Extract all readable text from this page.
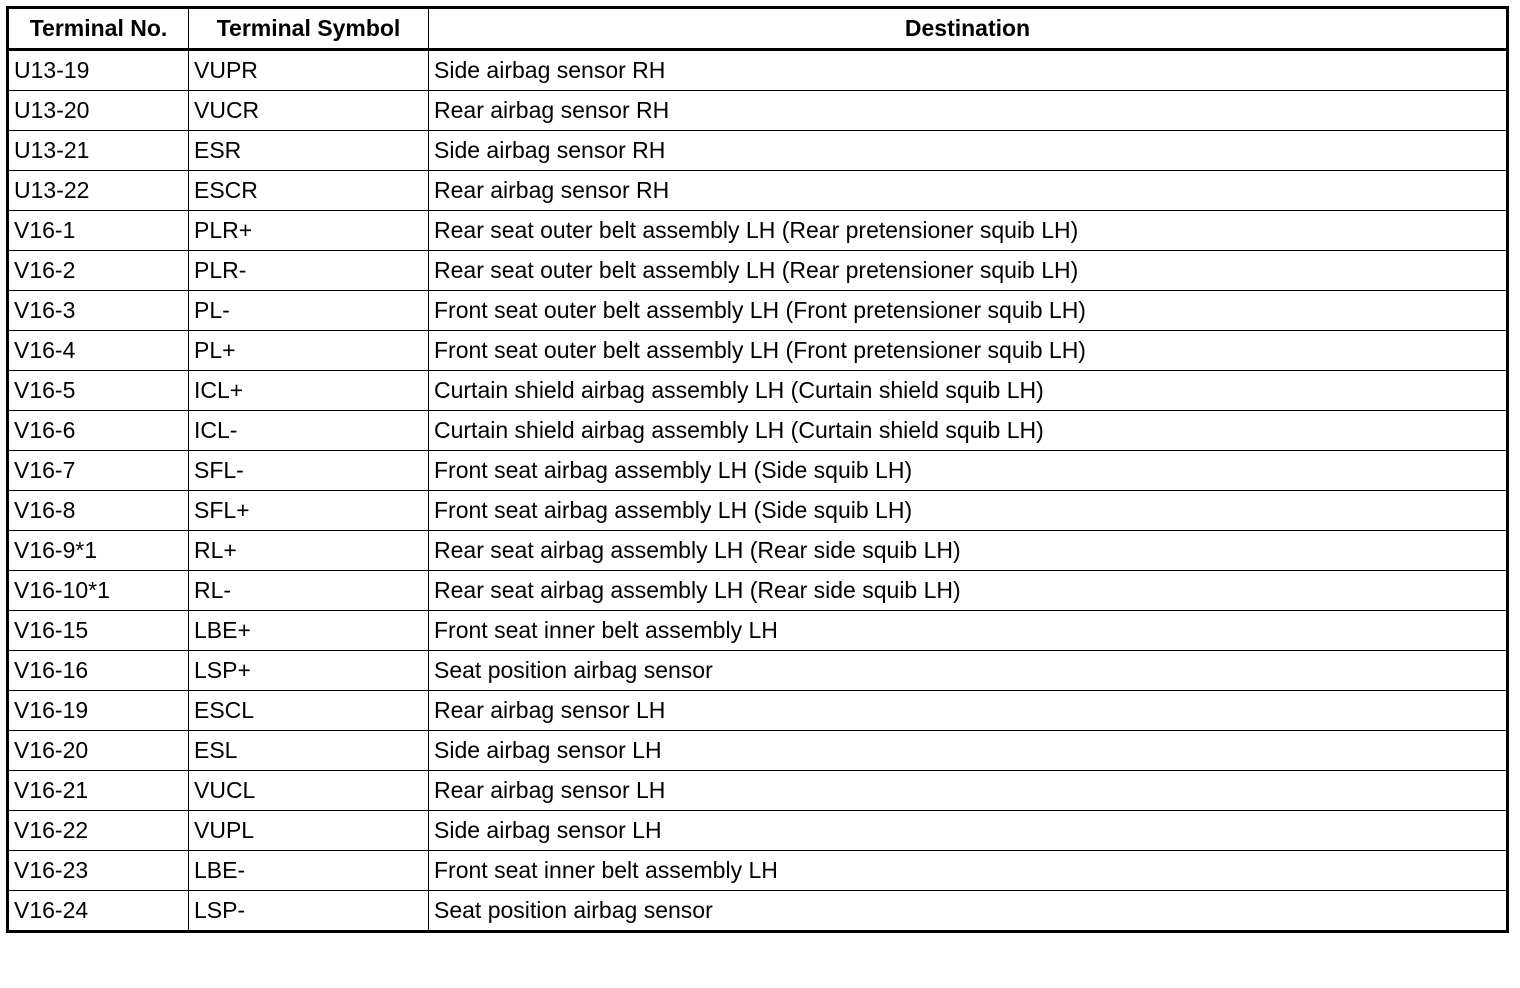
Terminal No.	Terminal Symbol	Destination
U13-19	VUPR	Side airbag sensor RH
U13-20	VUCR	Rear airbag sensor RH
U13-21	ESR	Side airbag sensor RH
U13-22	ESCR	Rear airbag sensor RH
V16-1	PLR+	Rear seat outer belt assembly LH (Rear pretensioner squib LH)
V16-2	PLR-	Rear seat outer belt assembly LH (Rear pretensioner squib LH)
V16-3	PL-	Front seat outer belt assembly LH (Front pretensioner squib LH)
V16-4	PL+	Front seat outer belt assembly LH (Front pretensioner squib LH)
V16-5	ICL+	Curtain shield airbag assembly LH (Curtain shield squib LH)
V16-6	ICL-	Curtain shield airbag assembly LH (Curtain shield squib LH)
V16-7	SFL-	Front seat airbag assembly LH (Side squib LH)
V16-8	SFL+	Front seat airbag assembly LH (Side squib LH)
V16-9*1	RL+	Rear seat airbag assembly LH (Rear side squib LH)
V16-10*1	RL-	Rear seat airbag assembly LH (Rear side squib LH)
V16-15	LBE+	Front seat inner belt assembly LH
V16-16	LSP+	Seat position airbag sensor
V16-19	ESCL	Rear airbag sensor LH
V16-20	ESL	Side airbag sensor LH
V16-21	VUCL	Rear airbag sensor LH
V16-22	VUPL	Side airbag sensor LH
V16-23	LBE-	Front seat inner belt assembly LH
V16-24	LSP-	Seat position airbag sensor
